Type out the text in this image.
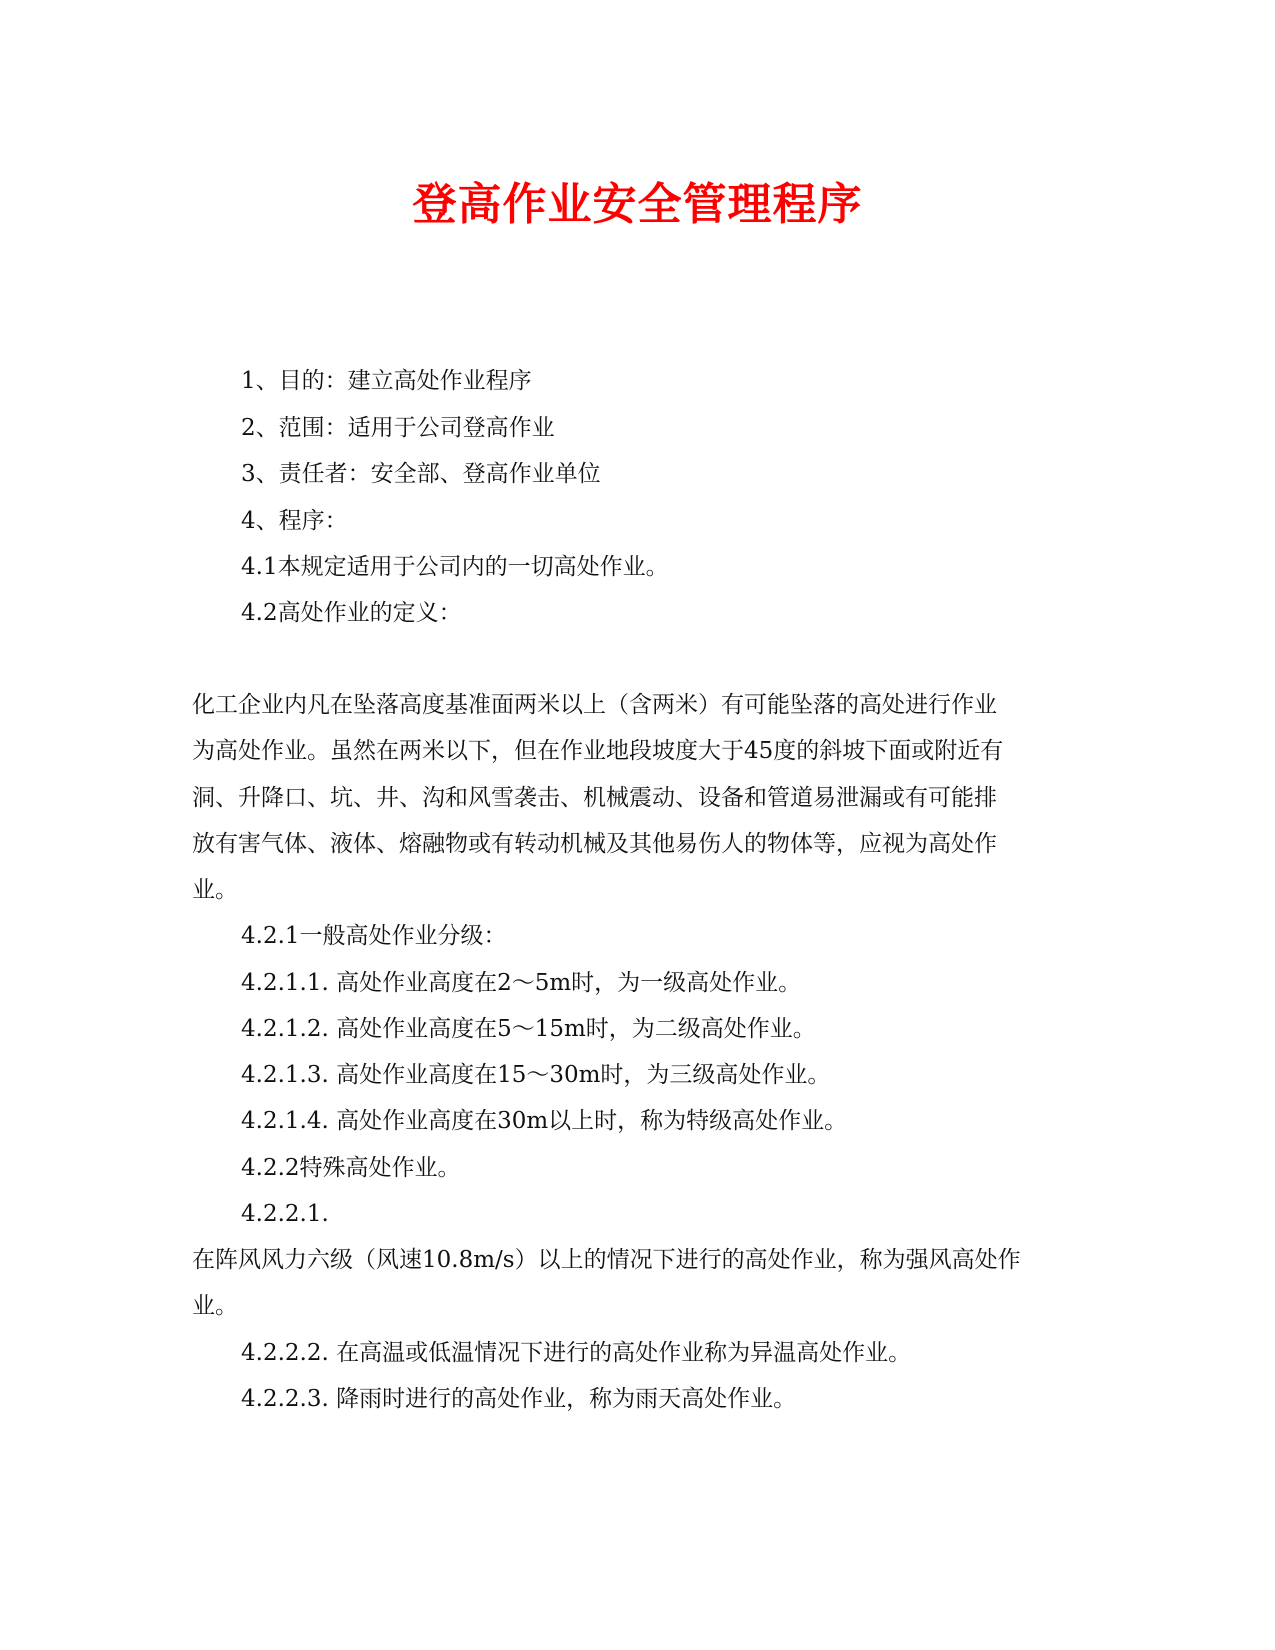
登高作业安全管理程序
1、目的：建立高处作业程序
2、范围：适用于公司登高作业
3、责任者：安全部、登高作业单位
4、程序：
4.1本规定适用于公司内的一切高处作业。
4.2高处作业的定义：
化工企业内凡在坠落高度基准面两米以上（含两米）有可能坠落的高处进行作业
为高处作业。虽然在两米以下，但在作业地段坡度大于45度的斜坡下面或附近有
洞、升降口、坑、井、沟和风雪袭击、机械震动、设备和管道易泄漏或有可能排
放有害气体、液体、熔融物或有转动机械及其他易伤人的物体等，应视为高处作
业。
4.2.1一般高处作业分级：
4.2.1.1. 高处作业高度在2～5m时，为一级高处作业。
4.2.1.2. 高处作业高度在5～15m时，为二级高处作业。
4.2.1.3. 高处作业高度在15～30m时，为三级高处作业。
4.2.1.4. 高处作业高度在30m以上时，称为特级高处作业。
4.2.2特殊高处作业。
4.2.2.1.
在阵风风力六级（风速10.8m/s）以上的情况下进行的高处作业，称为强风高处作
业。
4.2.2.2. 在高温或低温情况下进行的高处作业称为异温高处作业。
4.2.2.3. 降雨时进行的高处作业，称为雨天高处作业。
